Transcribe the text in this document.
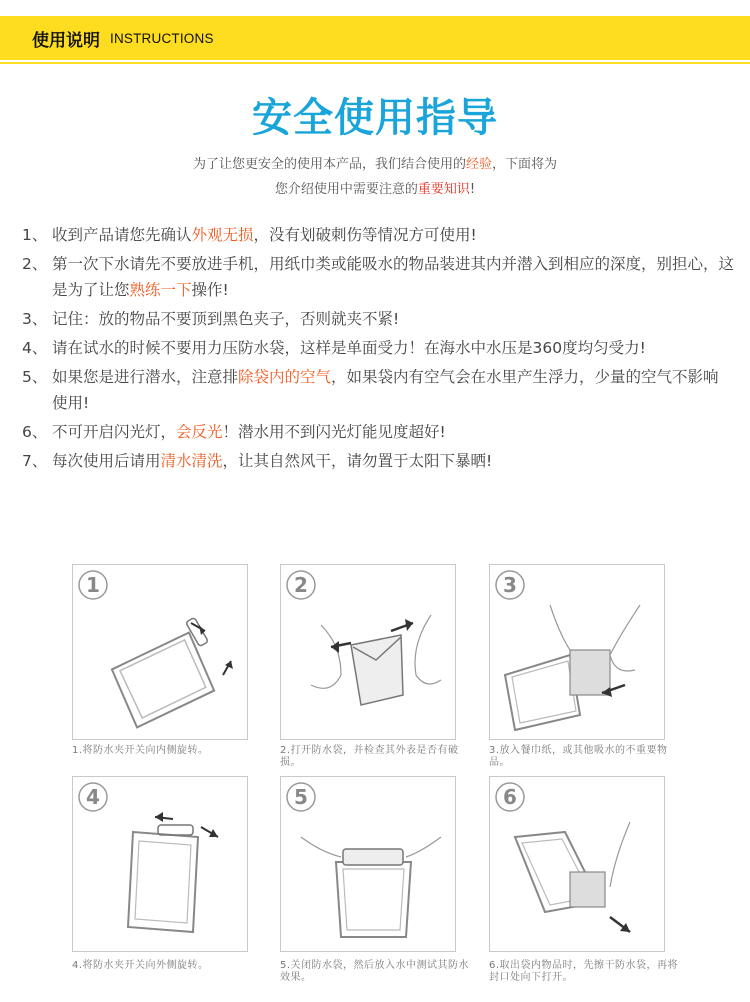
使用说明 INSTRUCTIONS
安全使用指导
为了让您更安全的使用本产品，我们结合使用的经验，下面将为
您介绍使用中需要注意的重要知识!
1、 收到产品请您先确认外观无损，没有划破刺伤等情况方可使用!
2、 第一次下水请先不要放进手机，用纸巾类或能吸水的物品装进其内并潜入到相应的深度，别担心，这是为了让您熟练一下操作!
3、 记住：放的物品不要顶到黑色夹子，否则就夹不紧!
4、 请在试水的时候不要用力压防水袋，这样是单面受力！在海水中水压是360度均匀受力!
5、 如果您是进行潜水，注意排除袋内的空气，如果袋内有空气会在水里产生浮力，少量的空气不影响使用!
6、 不可开启闪光灯，会反光！潜水用不到闪光灯能见度超好!
7、 每次使用后请用清水清洗，让其自然风干，请勿置于太阳下暴晒!
1
1.将防水夹开关向内侧旋转。
2
2.打开防水袋，并检查其外表是否有破损。
3
3.放入餐巾纸，或其他吸水的不重要物品。
4
4.将防水夹开关向外侧旋转。
5
5.关闭防水袋，然后放入水中测试其防水效果。
6
6.取出袋内物品时，先擦干防水袋，再将封口处向下打开。
